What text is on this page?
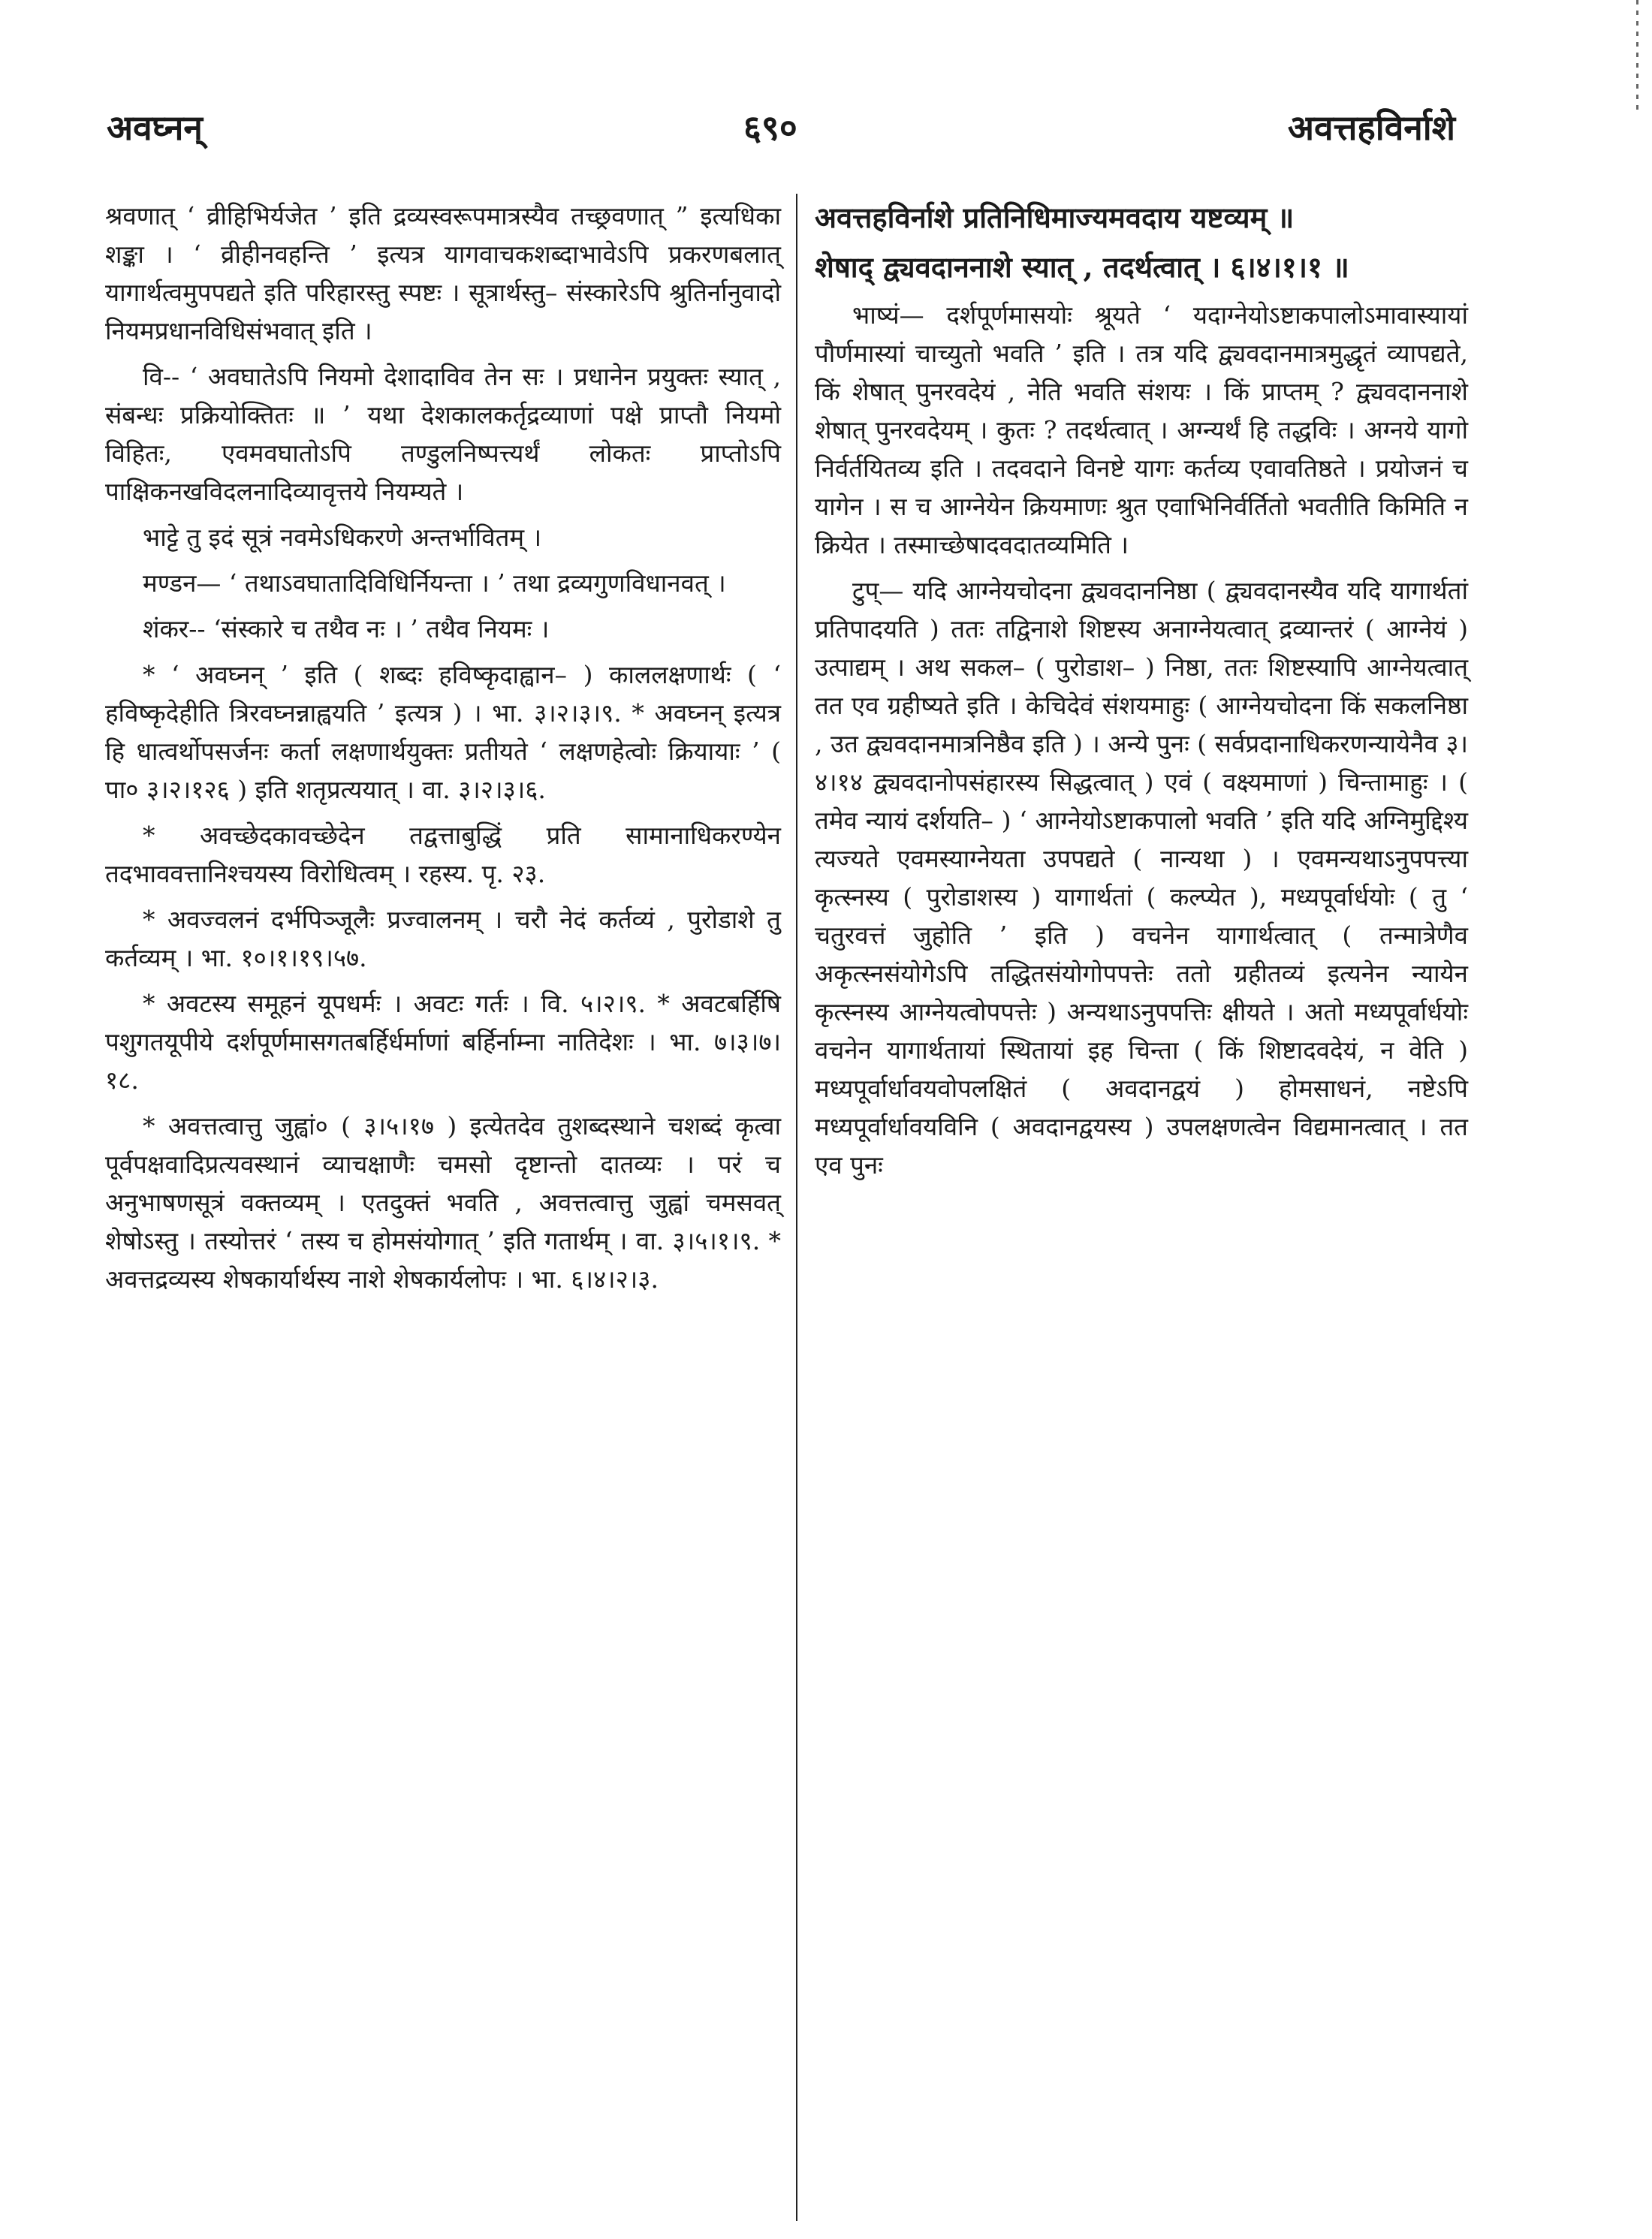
अवघ्नन्	६९०	अवत्तहविर्नाशे

श्रवणात् ‘ व्रीहिभिर्यजेत ’ इति द्रव्यस्वरूपमात्रस्यैव तच्छ्रवणात् ” इत्यधिका शङ्का । ‘ व्रीहीनवहन्ति ’ इत्यत्र यागवाचकशब्दाभावेऽपि प्रकरणबलात् यागार्थत्वमुपपद्यते इति परिहारस्तु स्पष्टः । सूत्रार्थस्तु– संस्कारेऽपि श्रुतिर्नानुवादो नियमप्रधानविधिसंभवात् इति ।

वि-- ‘ अवघातेऽपि नियमो देशादाविव तेन सः । प्रधानेन प्रयुक्तः स्यात् , संबन्धः प्रक्रियोक्तितः ॥ ’ यथा देशकालकर्तृद्रव्याणां पक्षे प्राप्तौ नियमो विहितः, एवमवघातोऽपि तण्डुलनिष्पत्त्यर्थं लोकतः प्राप्तोऽपि पाक्षिकनखविदलनादिव्यावृत्तये नियम्यते ।

भाट्टे तु इदं सूत्रं नवमेऽधिकरणे अन्तर्भावितम् ।

मण्डन— ‘ तथाऽवघातादिविधिर्नियन्ता । ’ तथा द्रव्यगुणविधानवत् ।

शंकर-- ‘संस्कारे च तथैव नः । ’ तथैव नियमः ।

* ‘ अवघ्नन् ’ इति ( शब्दः हविष्कृदाह्वान– ) काललक्षणार्थः ( ‘ हविष्कृदेहीति त्रिरवघ्नन्नाह्वयति ’ इत्यत्र ) । भा. ३।२।३।९. * अवघ्नन् इत्यत्र हि धात्वर्थोपसर्जनः कर्ता लक्षणार्थयुक्तः प्रतीयते ‘ लक्षणहेत्वोः क्रियायाः ’ ( पा० ३।२।१२६ ) इति शतृप्रत्ययात् । वा. ३।२।३।६.

* अवच्छेदकावच्छेदेन तद्वत्ताबुद्धिं प्रति सामानाधिकरण्येन तदभाववत्तानिश्चयस्य विरोधित्वम् । रहस्य. पृ. २३.

* अवज्वलनं दर्भपिञ्जूलैः प्रज्वालनम् । चरौ नेदं कर्तव्यं , पुरोडाशे तु कर्तव्यम् । भा. १०।१।१९।५७.

* अवटस्य समूहनं यूपधर्मः । अवटः गर्तः । वि. ५।२।९. * अवटबर्हिषि पशुगतयूपीये दर्शपूर्णमासगतबर्हिर्धर्माणां बर्हिर्नाम्ना नातिदेशः । भा. ७।३।७।१८.

* अवत्तत्वात्तु जुह्वां० ( ३।५।१७ ) इत्येतदेव तुशब्दस्थाने चशब्दं कृत्वा पूर्वपक्षवादिप्रत्यवस्थानं व्याचक्षाणैः चमसो दृष्टान्तो दातव्यः । परं च अनुभाषणसूत्रं वक्तव्यम् । एतदुक्तं भवति , अवत्तत्वात्तु जुह्वां चमसवत् शेषोऽस्तु । तस्योत्तरं ‘ तस्य च होमसंयोगात् ’ इति गतार्थम् । वा. ३।५।१।९. * अवत्तद्रव्यस्य शेषकार्यार्थस्य नाशे शेषकार्यलोपः । भा. ६।४।२।३.

अवत्तहविर्नाशे प्रतिनिधिमाज्यमवदाय यष्टव्यम् ॥

शेषाद् द्व्यवदाननाशे स्यात् , तदर्थत्वात् । ६।४।१।१ ॥

भाष्यं— दर्शपूर्णमासयोः श्रूयते ‘ यदाग्नेयोऽष्टाकपालोऽमावास्यायां पौर्णमास्यां चाच्युतो भवति ’ इति । तत्र यदि द्व्यवदानमात्रमुद्धृतं व्यापद्यते, किं शेषात् पुनरवदेयं , नेति भवति संशयः । किं प्राप्तम् ? द्व्यवदाननाशे शेषात् पुनरवदेयम् । कुतः ? तदर्थत्वात् । अग्न्यर्थं हि तद्धविः । अग्नये यागो निर्वर्तयितव्य इति । तदवदाने विनष्टे यागः कर्तव्य एवावतिष्ठते । प्रयोजनं च यागेन । स च आग्नेयेन क्रियमाणः श्रुत एवाभिनिर्वर्तितो भवतीति किमिति न क्रियेत । तस्माच्छेषादवदातव्यमिति ।

टुप्— यदि आग्नेयचोदना द्व्यवदाननिष्ठा ( द्व्यवदानस्यैव यदि यागार्थतां प्रतिपादयति ) ततः तद्विनाशे शिष्टस्य अनाग्नेयत्वात् द्रव्यान्तरं ( आग्नेयं ) उत्पाद्यम् । अथ सकल– ( पुरोडाश– ) निष्ठा, ततः शिष्टस्यापि आग्नेयत्वात् तत एव ग्रहीष्यते इति । केचिदेवं संशयमाहुः ( आग्नेयचोदना किं सकलनिष्ठा , उत द्व्यवदानमात्रनिष्ठैव इति ) । अन्ये पुनः ( सर्वप्रदानाधिकरणन्यायेनैव ३।४।१४ द्व्यवदानोपसंहारस्य सिद्धत्वात् ) एवं ( वक्ष्यमाणां ) चिन्तामाहुः । ( तमेव न्यायं दर्शयति– ) ‘ आग्नेयोऽष्टाकपालो भवति ’ इति यदि अग्निमुद्दिश्य त्यज्यते एवमस्याग्नेयता उपपद्यते ( नान्यथा ) । एवमन्यथाऽनुपपत्त्या कृत्स्नस्य ( पुरोडाशस्य ) यागार्थतां ( कल्प्येत ), मध्यपूर्वार्धयोः ( तु ‘ चतुरवत्तं जुहोति ’ इति ) वचनेन यागार्थत्वात् ( तन्मात्रेणैव अकृत्स्नसंयोगेऽपि तद्धितसंयोगोपपत्तेः ततो ग्रहीतव्यं इत्यनेन न्यायेन कृत्स्नस्य आग्नेयत्वोपपत्तेः ) अन्यथाऽनुपपत्तिः क्षीयते । अतो मध्यपूर्वार्धयोः वचनेन यागार्थतायां स्थितायां इह चिन्ता ( किं शिष्टादवदेयं, न वेति ) मध्यपूर्वार्धावयवोपलक्षितं ( अवदानद्वयं ) होमसाधनं, नष्टेऽपि मध्यपूर्वार्धावयविनि ( अवदानद्वयस्य ) उपलक्षणत्वेन विद्यमानत्वात् । तत एव पुनः
